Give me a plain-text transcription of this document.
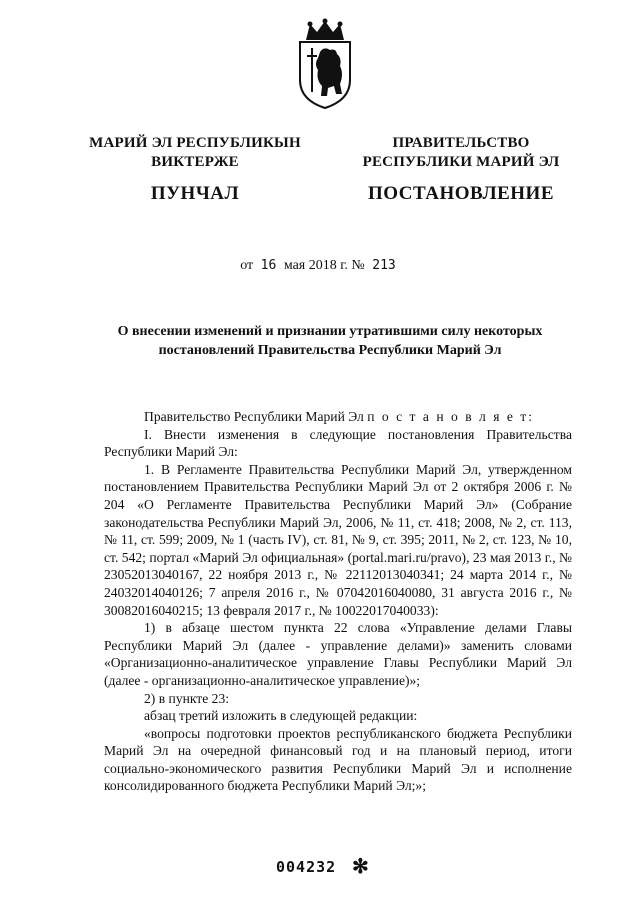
МАРИЙ ЭЛ РЕСПУБЛИКЫН
ВИКТЕРЖЕ
ПУНЧАЛ
ПРАВИТЕЛЬСТВО
РЕСПУБЛИКИ МАРИЙ ЭЛ
ПОСТАНОВЛЕНИЕ
от 16 мая 2018 г. № 213
О внесении изменений и признании утратившими силу некоторых
постановлений Правительства Республики Марий Эл

Правительство Республики Марий Эл п о с т а н о в л я е т:

I. Внести изменения в следующие постановления Правительства Республики Марий Эл:

1. В Регламенте Правительства Республики Марий Эл, утвержденном постановлением Правительства Республики Марий Эл от 2 октября 2006 г. № 204 «О Регламенте Правительства Республики Марий Эл» (Собрание законодательства Республики Марий Эл, 2006, № 11, ст. 418; 2008, № 2, ст. 113, № 11, ст. 599; 2009, № 1 (часть IV), ст. 81, № 9, ст. 395; 2011, № 2, ст. 123, № 10, ст. 542; портал «Марий Эл официальная» (portal.mari.ru/pravo), 23 мая 2013 г., № 23052013040167, 22 ноября 2013 г., № 22112013040341; 24 марта 2014 г., № 24032014040126; 7 апреля 2016 г., № 07042016040080, 31 августа 2016 г., № 30082016040215; 13 февраля 2017 г., № 10022017040033):

1) в абзаце шестом пункта 22 слова «Управление делами Главы Республики Марий Эл (далее - управление делами)» заменить словами «Организационно-аналитическое управление Главы Республики Марий Эл (далее - организационно-аналитическое управление)»;

2) в пункте 23:

абзац третий изложить в следующей редакции:

«вопросы подготовки проектов республиканского бюджета Республики Марий Эл на очередной финансовый год и на плановый период, итоги социально-экономического развития Республики Марий Эл и исполнение консолидированного бюджета Республики Марий Эл;»;

004232 ✻
